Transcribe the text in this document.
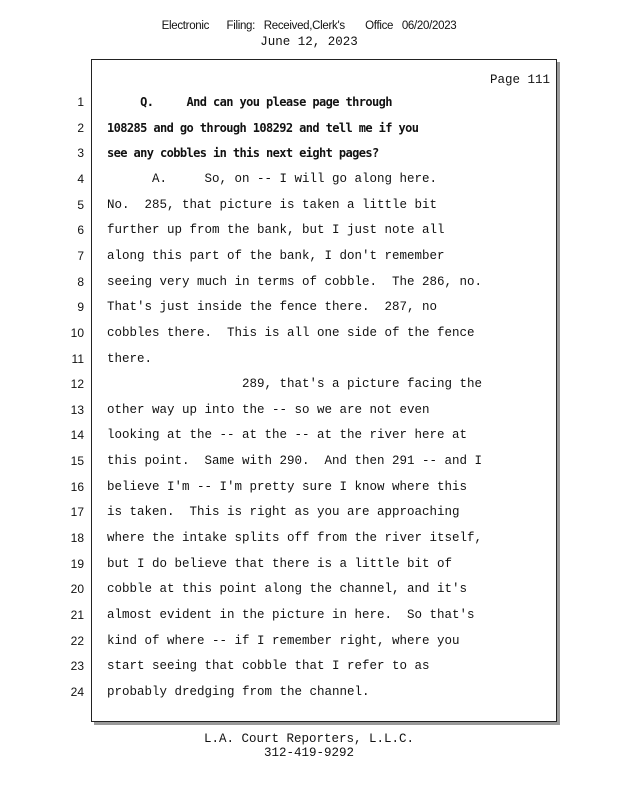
Electronic      Filing:   Received,Clerk's       Office   06/20/2023
June 12, 2023
Page 111
1 Q.     And can you please page through
2 108285 and go through 108292 and tell me if you
3 see any cobbles in this next eight pages?
4 A.     So, on -- I will go along here.
5 No.  285, that picture is taken a little bit
6 further up from the bank, but I just note all
7 along this part of the bank, I don't remember
8 seeing very much in terms of cobble.  The 286, no.
9 That's just inside the fence there.  287, no
10 cobbles there.  This is all one side of the fence
11 there.
12 289, that's a picture facing the
13 other way up into the -- so we are not even
14 looking at the -- at the -- at the river here at
15 this point.  Same with 290.  And then 291 -- and I
16 believe I'm -- I'm pretty sure I know where this
17 is taken.  This is right as you are approaching
18 where the intake splits off from the river itself,
19 but I do believe that there is a little bit of
20 cobble at this point along the channel, and it's
21 almost evident in the picture in here.  So that's
22 kind of where -- if I remember right, where you
23 start seeing that cobble that I refer to as
24 probably dredging from the channel.
L.A. Court Reporters, L.L.C.
312-419-9292
